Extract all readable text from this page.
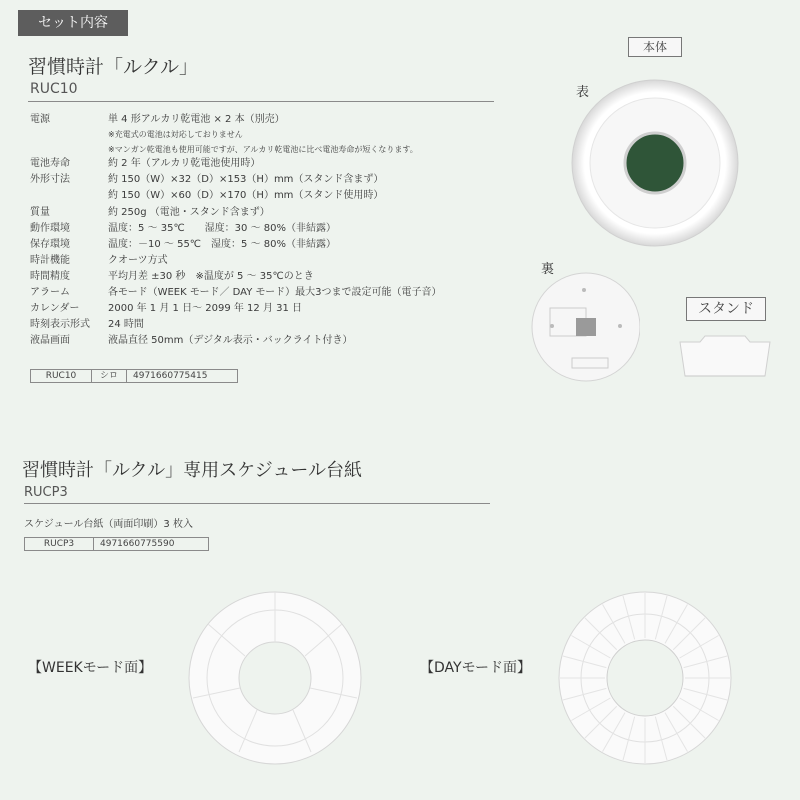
セット内容
習慣時計「ルクル」
RUC10
電源	単 4 形アルカリ乾電池 × 2 本（別売）
※充電式の電池は対応しておりません
※マンガン乾電池も使用可能ですが、アルカリ乾電池に比べ電池寿命が短くなります。
電池寿命	約 2 年（アルカリ乾電池使用時）
外形寸法	約 150（W）×32（D）×153（H）mm（スタンド含まず）
約 150（W）×60（D）×170（H）mm（スタンド使用時）
質量	約 250g （電池・スタンド含まず）
動作環境	温度：5 ～ 35℃　　湿度：30 ～ 80%（非結露）
保存環境	温度：－10 ～ 55℃　湿度：5 ～ 80%（非結露）
時計機能	クオーツ方式
時間精度	平均月差 ±30 秒　※温度が 5 ～ 35℃のとき
アラーム	各モード（WEEK モード／ DAY モード）最大3つまで設定可能（電子音）
カレンダー	2000 年 1 月 1 日～ 2099 年 12 月 31 日
時刻表示形式 24 時間
液晶画面	液晶直径 50mm（デジタル表示・バックライト付き）
RUC10	シロ	4971660775415
本体
表
裏
スタンド
習慣時計「ルクル」専用スケジュール台紙
RUCP3
スケジュール台紙（両面印刷）3 枚入
RUCP3	4971660775590
【WEEKモード面】	【DAYモード面】
